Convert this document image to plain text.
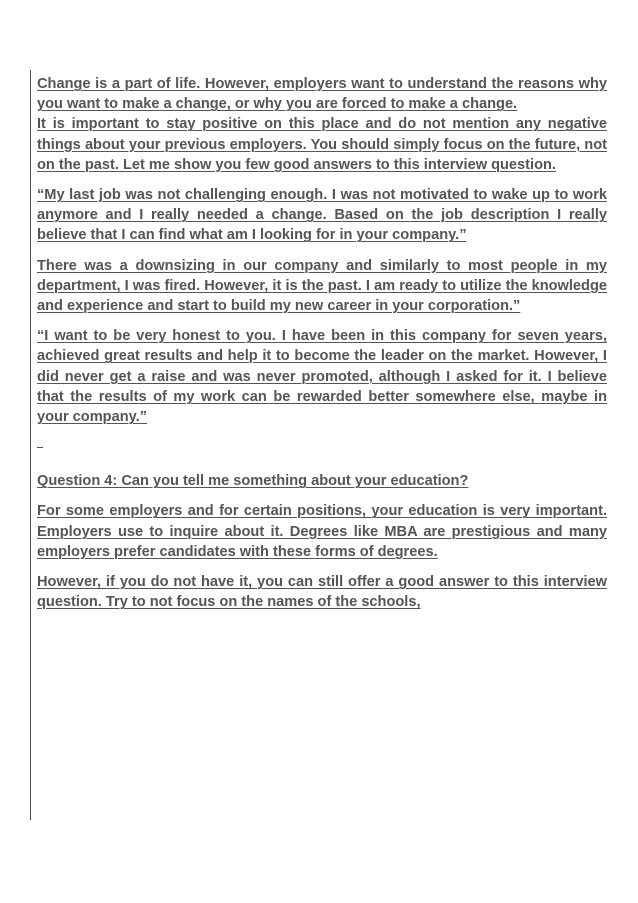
Change is a part of life. However, employers want to understand the reasons why you want to make a change, or why you are forced to make a change.

It is important to stay positive on this place and do not mention any negative things about your previous employers. You should simply focus on the future, not on the past. Let me show you few good answers to this interview question.

“My last job was not challenging enough. I was not motivated to wake up to work anymore and I really needed a change. Based on the job description I really believe that I can find what am I looking for in your company.”

There was a downsizing in our company and similarly to most people in my department, I was fired. However, it is the past. I am ready to utilize the knowledge and experience and start to build my new career in your corporation.”

“I want to be very honest to you. I have been in this company for seven years, achieved great results and help it to become the leader on the market. However, I did never get a raise and was never promoted, although I asked for it. I believe that the results of my work can be rewarded better somewhere else, maybe in your company.”

Question 4: Can you tell me something about your education?

For some employers and for certain positions, your education is very important. Employers use to inquire about it. Degrees like MBA are prestigious and many employers prefer candidates with these forms of degrees.

However, if you do not have it, you can still offer a good answer to this interview question. Try to not focus on the names of the schools,
